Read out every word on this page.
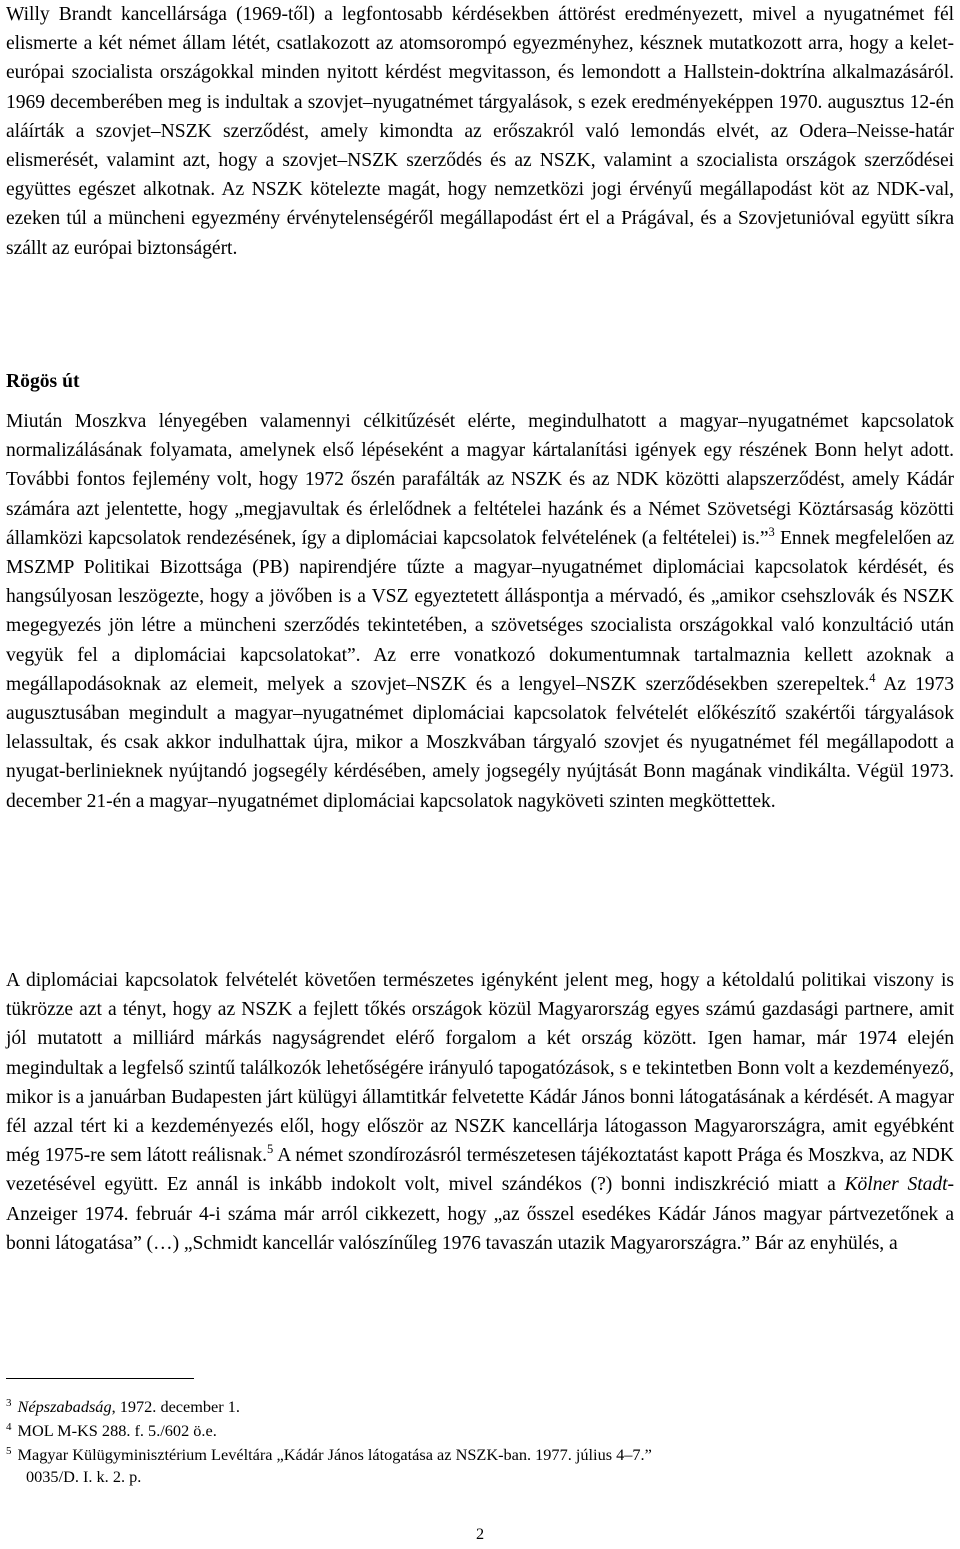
Willy Brandt kancellársága (1969-től) a legfontosabb kérdésekben áttörést eredményezett, mivel a nyugatnémet fél elismerte a két német állam létét, csatlakozott az atomsorompó egyezményhez, késznek mutatkozott arra, hogy a kelet-európai szocialista országokkal minden nyitott kérdést megvitasson, és lemondott a Hallstein-doktrína alkalmazásáról. 1969 decemberében meg is indultak a szovjet–nyugatnémet tárgyalások, s ezek eredményeképpen 1970. augusztus 12-én aláírták a szovjet–NSZK szerződést, amely kimondta az erőszakról való lemondás elvét, az Odera–Neisse-határ elismerését, valamint azt, hogy a szovjet–NSZK szerződés és az NSZK, valamint a szocialista országok szerződései együttes egészet alkotnak. Az NSZK kötelezte magát, hogy nemzetközi jogi érvényű megállapodást köt az NDK-val, ezeken túl a müncheni egyezmény érvénytelenségéről megállapodást ért el a Prágával, és a Szovjetunióval együtt síkra szállt az európai biztonságért.

Rögös út

Miután Moszkva lényegében valamennyi célkitűzését elérte, megindulhatott a magyar–nyugatnémet kapcsolatok normalizálásának folyamata, amelynek első lépéseként a magyar kártalanítási igények egy részének Bonn helyt adott. További fontos fejlemény volt, hogy 1972 őszén parafálták az NSZK és az NDK közötti alapszerződést, amely Kádár számára azt jelentette, hogy „megjavultak és érlelődnek a feltételei hazánk és a Német Szövetségi Köztársaság közötti államközi kapcsolatok rendezésének, így a diplomáciai kapcsolatok felvételének (a feltételei) is.”$^3$ Ennek megfelelően az MSZMP Politikai Bizottsága (PB) napirendjére tűzte a magyar–nyugatnémet diplomáciai kapcsolatok kérdését, és hangsúlyosan leszögezte, hogy a jövőben is a VSZ egyeztetett álláspontja a mérvadó, és „amikor csehszlovák és NSZK megegyezés jön létre a müncheni szerződés tekintetében, a szövetséges szocialista országokkal való konzultáció után vegyük fel a diplomáciai kapcsolatokat”. Az erre vonatkozó dokumentumnak tartalmaznia kellett azoknak a megállapodásoknak az elemeit, melyek a szovjet–NSZK és a lengyel–NSZK szerződésekben szerepeltek.$^4$ Az 1973 augusztusában megindult a magyar–nyugatnémet diplomáciai kapcsolatok felvételét előkészítő szakértői tárgyalások lelassultak, és csak akkor indulhattak újra, mikor a Moszkvában tárgyaló szovjet és nyugatnémet fél megállapodott a nyugat-berlinieknek nyújtandó jogsegély kérdésében, amely jogsegély nyújtását Bonn magának vindikálta. Végül 1973. december 21-én a magyar–nyugatnémet diplomáciai kapcsolatok nagyköveti szinten megköttettek.

A diplomáciai kapcsolatok felvételét követően természetes igényként jelent meg, hogy a kétoldalú politikai viszony is tükrözze azt a tényt, hogy az NSZK a fejlett tőkés országok közül Magyarország egyes számú gazdasági partnere, amit jól mutatott a milliárd márkás nagyságrendet elérő forgalom a két ország között. Igen hamar, már 1974 elején megindultak a legfelső szintű találkozók lehetőségére irányuló tapogatózások, s e tekintetben Bonn volt a kezdeményező, mikor is a januárban Budapesten járt külügyi államtitkár felvetette Kádár János bonni látogatásának a kérdését. A magyar fél azzal tért ki a kezdeményezés elől, hogy először az NSZK kancellárja látogasson Magyarországra, amit egyébként még 1975-re sem látott reálisnak.$^5$ A német szondírozásról természetesen tájékoztatást kapott Prága és Moszkva, az NDK vezetésével együtt. Ez annál is inkább indokolt volt, mivel szándékos (?) bonni indiszkréció miatt a Kölner Stadt-Anzeiger 1974. február 4-i száma már arról cikkezett, hogy „az ősszel esedékes Kádár János magyar pártvezetőnek a bonni látogatása” (…) „Schmidt kancellár valószínűleg 1976 tavaszán utazik Magyarországra.” Bár az enyhülés, a

$^3$ Népszabadság, 1972. december 1.
$^4$ MOL M-KS 288. f. 5./602 ö.e.
$^5$ Magyar Külügyminisztérium Levéltára „Kádár János látogatása az NSZK-ban. 1977. július 4–7.”
0035/D. I. k. 2. p.
2
